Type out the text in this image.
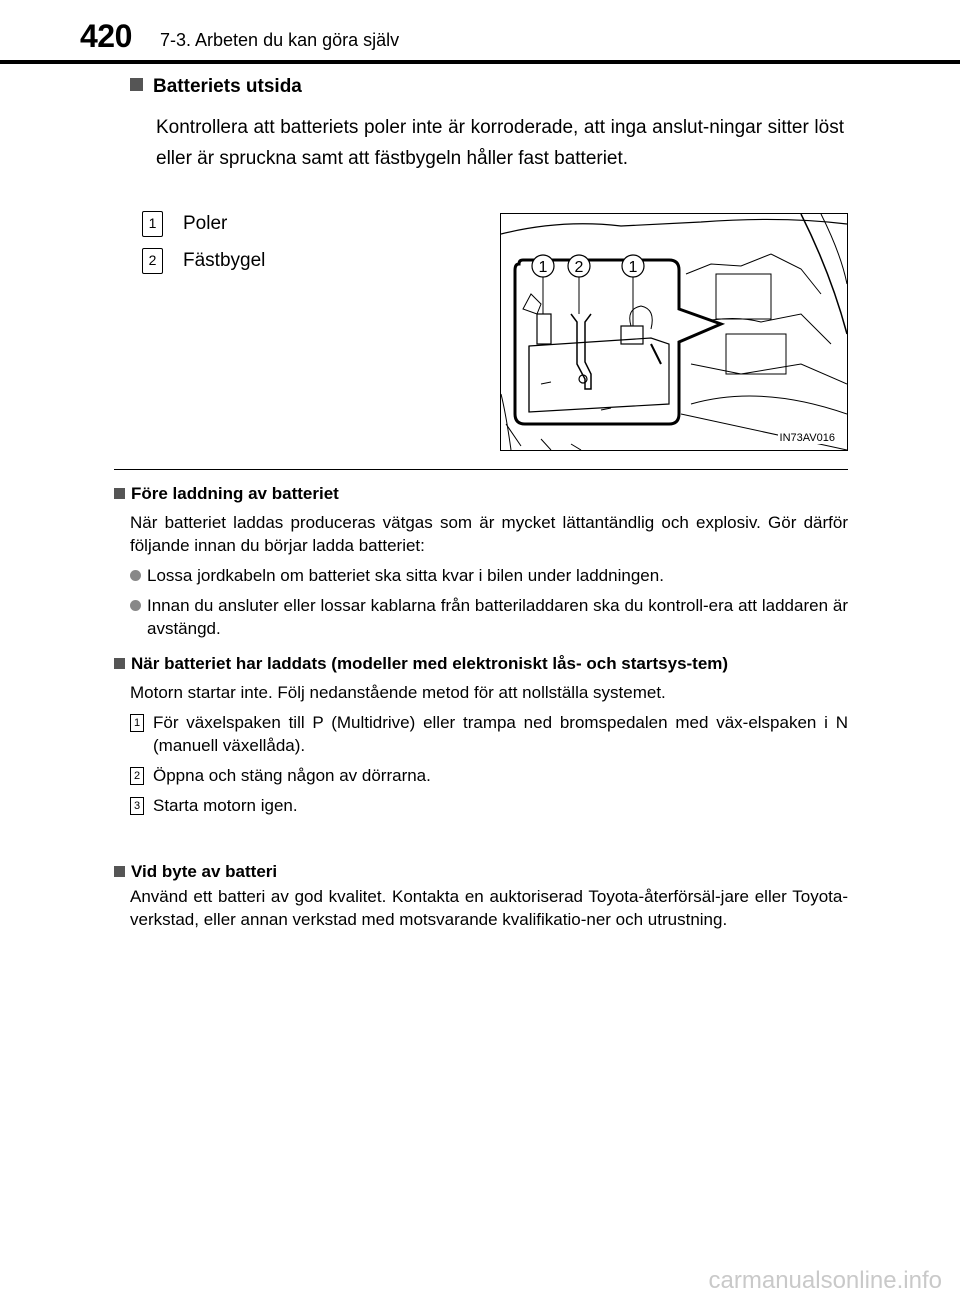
420 7-3. Arbeten du kan göra själv
Batteriets utsida
Kontrollera att batteriets poler inte är korroderade, att inga anslut-ningar sitter löst eller är spruckna samt att fästbygeln håller fast batteriet.
1	Poler
2	Fästbygel	1 2	1
IN73AV016
Före laddning av batteriet
När batteriet laddas produceras vätgas som är mycket lättantändlig och explosiv. Gör därför följande innan du börjar ladda batteriet:
Lossa jordkabeln om batteriet ska sitta kvar i bilen under laddningen.
Innan du ansluter eller lossar kablarna från batteriladdaren ska du kontroll-era att laddaren är avstängd.
När batteriet har laddats (modeller med elektroniskt lås- och startsys-tem)
Motorn startar inte. Följ nedanstående metod för att nollställa systemet.
1 För växelspaken till P (Multidrive) eller trampa ned bromspedalen med väx-elspaken i N (manuell växellåda).
2 Öppna och stäng någon av dörrarna.
3 Starta motorn igen.
Vid byte av batteri
Använd ett batteri av god kvalitet. Kontakta en auktoriserad Toyota-återförsäl-jare eller Toyota-verkstad, eller annan verkstad med motsvarande kvalifikatio-ner och utrustning.
carmanualsonline.info
